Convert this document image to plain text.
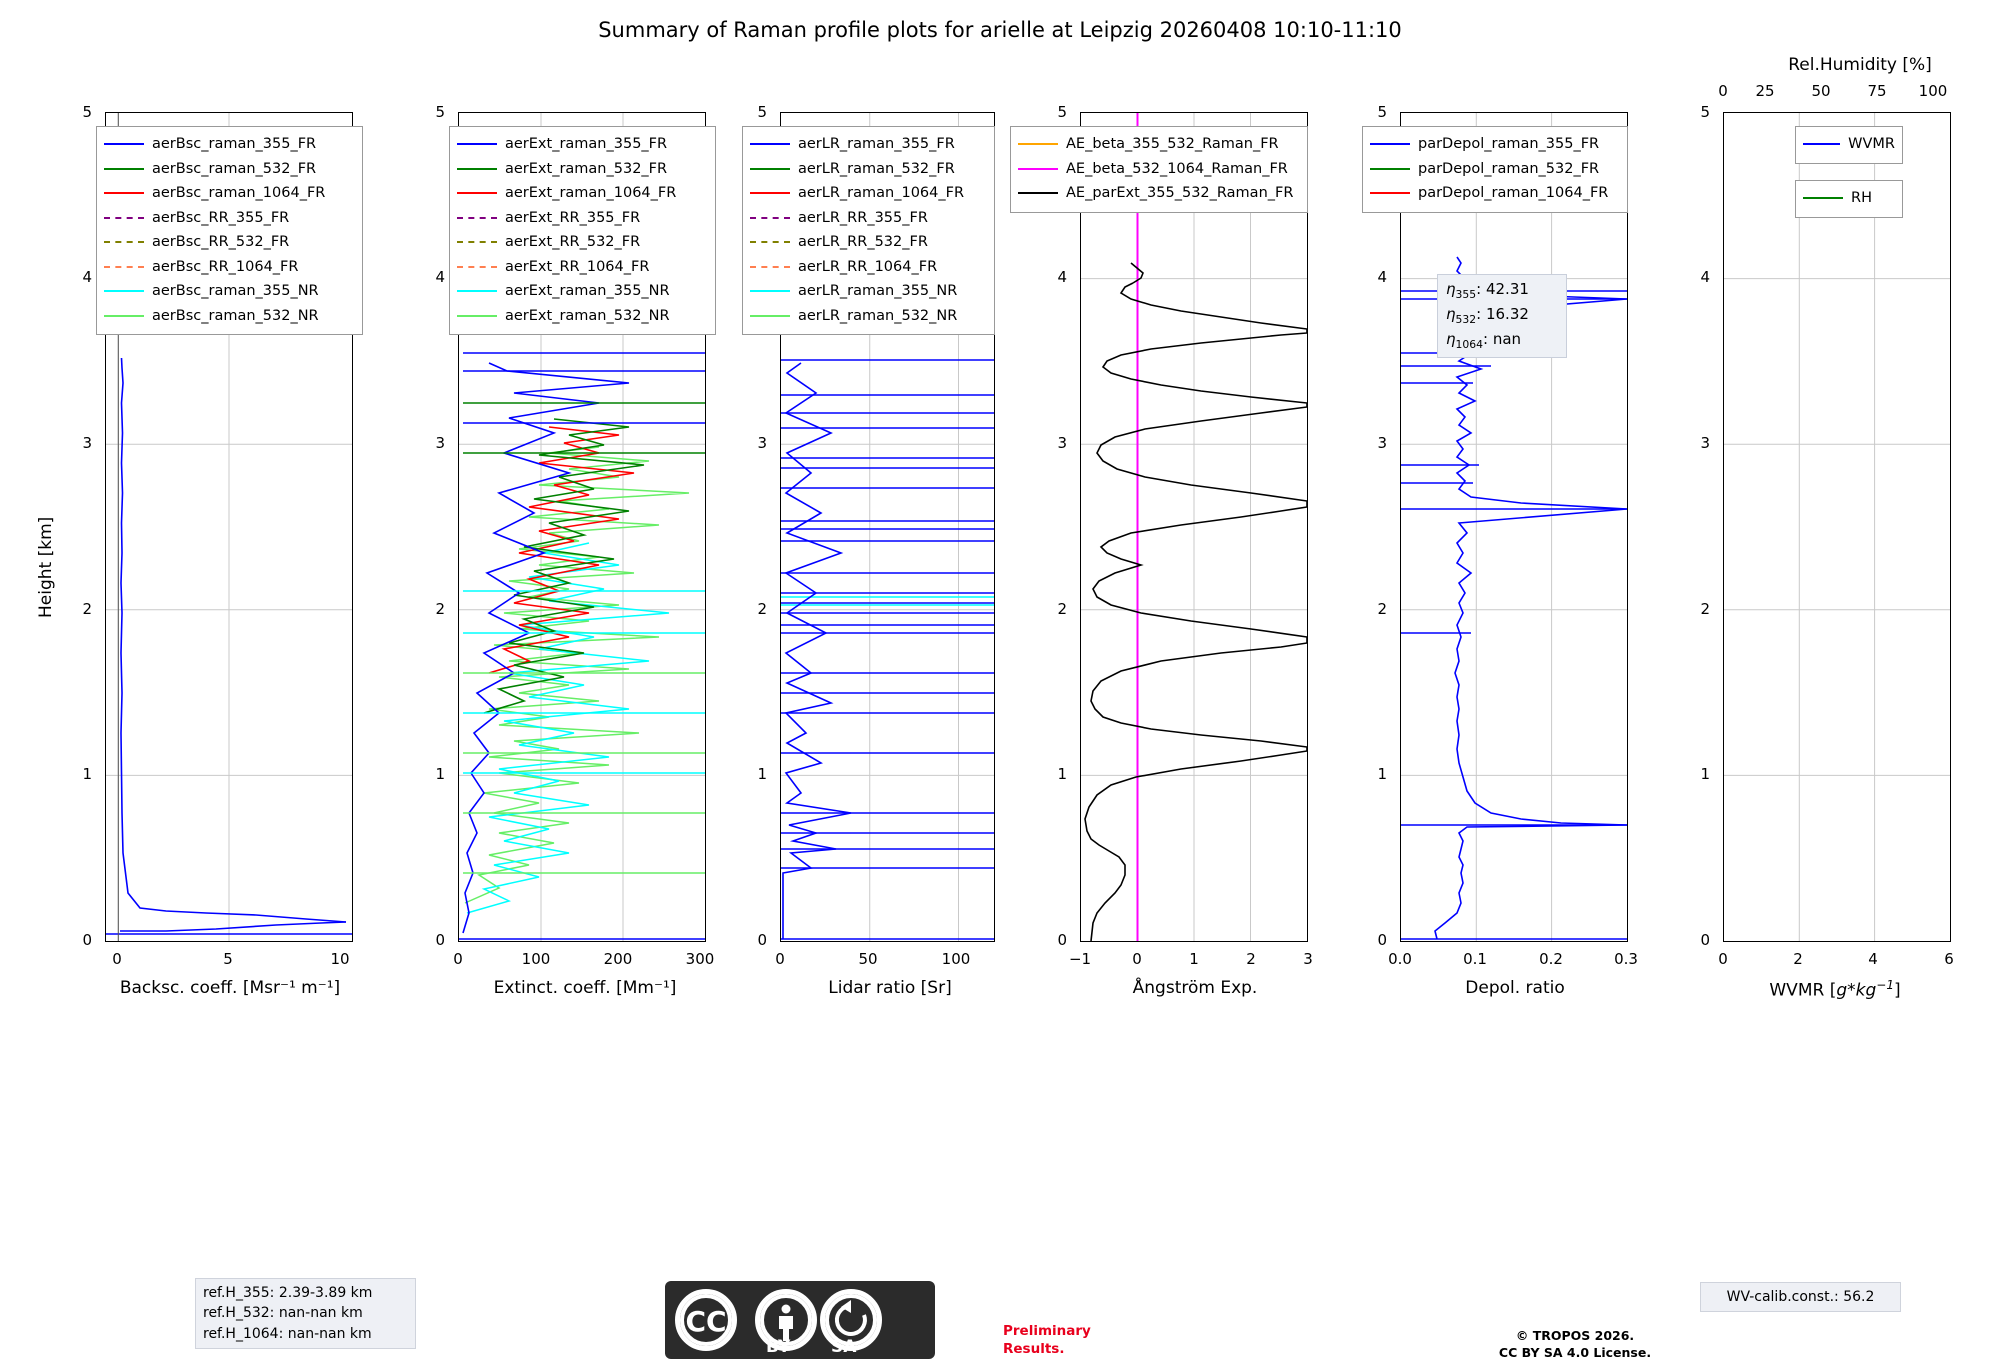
Summary of Raman profile plots for arielle at Leipzig 20260408 10:10-11:10
aerBsc_raman_355_FR
aerBsc_raman_532_FR
aerBsc_raman_1064_FR
aerBsc_RR_355_FR
aerBsc_RR_532_FR
aerBsc_RR_1064_FR
aerBsc_raman_355_NR
aerBsc_raman_532_NR
5
4
3
2
1
0
0	5	10
Backsc. coeff. [Msr⁻¹ m⁻¹]
Height [km]
aerExt_raman_355_FR
aerExt_raman_532_FR
aerExt_raman_1064_FR
aerExt_RR_355_FR
aerExt_RR_532_FR
aerExt_RR_1064_FR
aerExt_raman_355_NR
aerExt_raman_532_NR
5
4
3
2
1
0
0	100	200	300
Extinct. coeff. [Mm⁻¹]
aerLR_raman_355_FR
aerLR_raman_532_FR
aerLR_raman_1064_FR
aerLR_RR_355_FR
aerLR_RR_532_FR
aerLR_RR_1064_FR
aerLR_raman_355_NR
aerLR_raman_532_NR
5
3
2
1
0
0	50	100
Lidar ratio [Sr]
AE_beta_355_532_Raman_FR
AE_beta_532_1064_Raman_FR
AE_parExt_355_532_Raman_FR
5
4
3
2
1
0
−1	0	1	2	3
Ångström Exp.
parDepol_raman_355_FR
parDepol_raman_532_FR
parDepol_raman_1064_FR
$\eta_{355}$: 42.31
$\eta_{532}$: 16.32
$\eta_{1064}$: nan
5
4
3
2
1
0
0.0	0.1	0.2	0.3
Depol. ratio
Rel.Humidity [%]
0	25	50	75	100
WVMR
RH
5
4
3
2
1
0
0	2	4	6
WVMR $[g*kg^{-1}]$
ref.H_355: 2.39-3.89 km
ref.H_532: nan-nan km
ref.H_1064: nan-nan km	CC
BY SA
Preliminary
Results.
© TROPOS 2026.
CC BY SA 4.0 License.
WV-calib.const.: 56.2
